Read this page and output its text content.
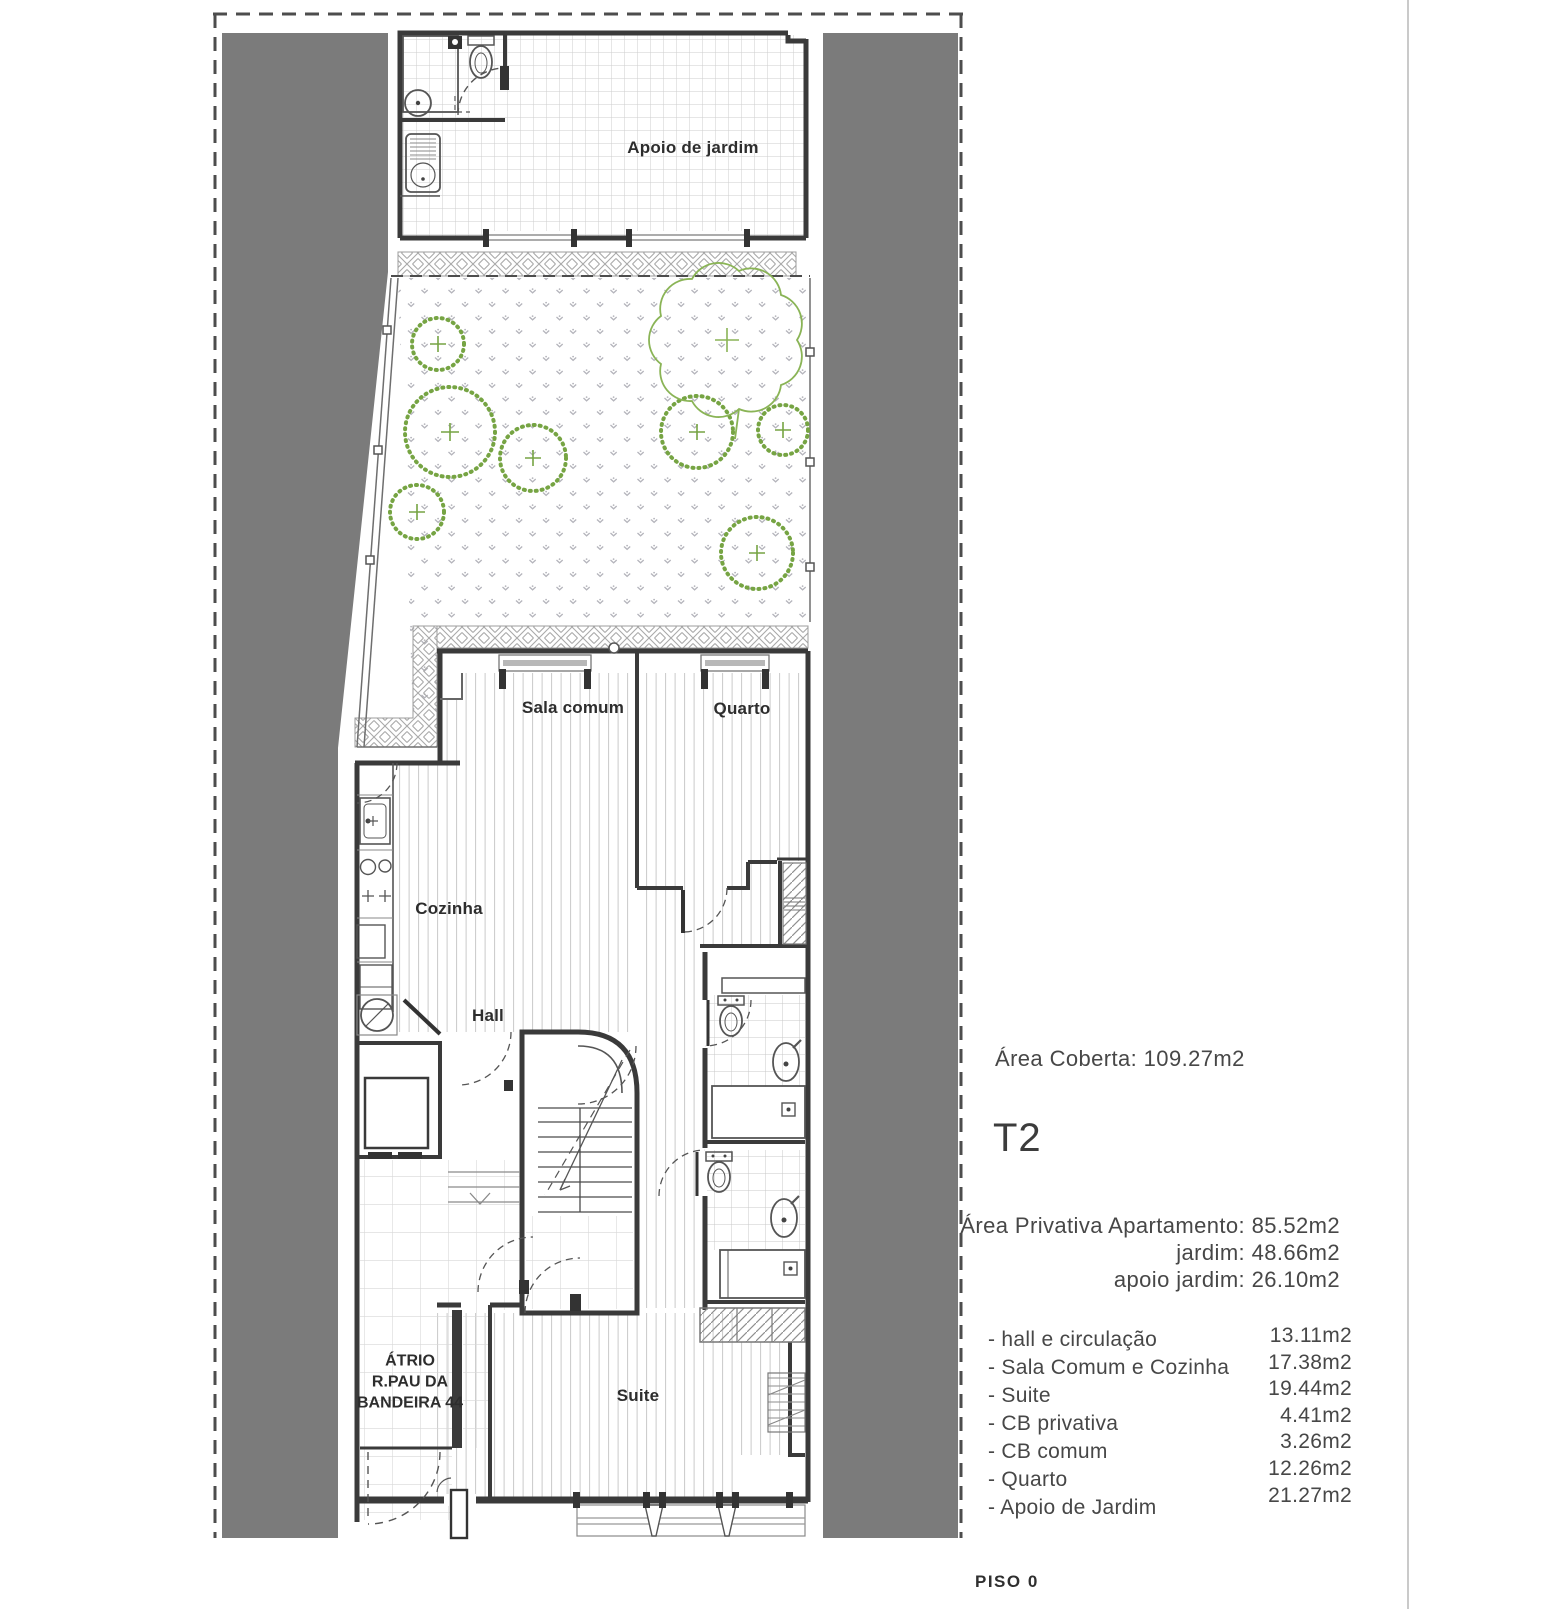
Apoio de jardim
Sala comum	Quarto
Cozinha
Hall
ÁTRIO
R.PAU DA
BANDEIRA 44	Suite
Área Coberta: 109.27m2
T2
Área Privativa Apartamento: 85.52m2
jardim: 48.66m2
apoio jardim: 26.10m2
- hall e circulação
- Sala Comum e Cozinha
- Suite
- CB privativa
- CB comum
- Quarto
- Apoio de Jardim
13.11m2
17.38m2
19.44m2
4.41m2
3.26m2
12.26m2
21.27m2
PISO 0
